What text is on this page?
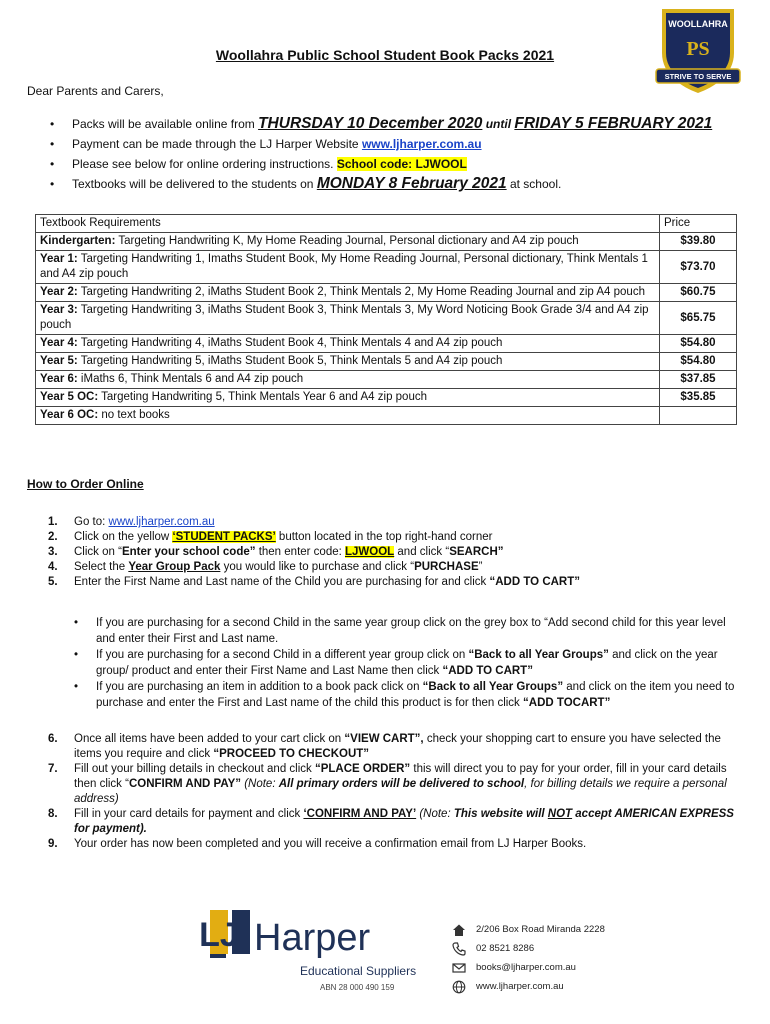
WOOLLAHRA
PS
STRIVE TO SERVE
Woollahra Public School Student Book Packs 2021
Dear Parents and Carers,
• Packs will be available online from THURSDAY 10 December 2020 until FRIDAY 5 FEBRUARY 2021
• Payment can be made through the LJ Harper Website www.ljharper.com.au
• Please see below for online ordering instructions. School code: LJWOOL
• Textbooks will be delivered to the students on MONDAY 8 February 2021 at school.
Textbook Requirements	Price
Kindergarten: Targeting Handwriting K, My Home Reading Journal, Personal dictionary and A4 zip pouch	$39.80
Year 1: Targeting Handwriting 1, Imaths Student Book, My Home Reading Journal, Personal dictionary, Think Mentals 1 and A4 zip pouch	$73.70
Year 2: Targeting Handwriting 2, iMaths Student Book 2, Think Mentals 2, My Home Reading Journal and zip A4 pouch	$60.75
Year 3: Targeting Handwriting 3, iMaths Student Book 3, Think Mentals 3, My Word Noticing Book Grade 3/4 and A4 zip pouch	$65.75
Year 4: Targeting Handwriting 4, iMaths Student Book 4, Think Mentals 4 and A4 zip pouch	$54.80
Year 5: Targeting Handwriting 5, iMaths Student Book 5, Think Mentals 5 and A4 zip pouch	$54.80
Year 6: iMaths 6, Think Mentals 6 and A4 zip pouch	$37.85
Year 5 OC: Targeting Handwriting 5, Think Mentals Year 6 and A4 zip pouch	$35.85
Year 6 OC: no text books	
How to Order Online
1. Go to: www.ljharper.com.au
2. Click on the yellow ‘STUDENT PACKS’ button located in the top right-hand corner
3. Click on “Enter your school code” then enter code: LJWOOL and click “SEARCH”
4. Select the Year Group Pack you would like to purchase and click “PURCHASE”
5. Enter the First Name and Last name of the Child you are purchasing for and click “ADD TO CART”
• If you are purchasing for a second Child in the same year group click on the grey box to “Add second child for this year level and enter their First and Last name.
• If you are purchasing for a second Child in a different year group click on “Back to all Year Groups” and click on the year group/ product and enter their First Name and Last Name then click “ADD TO CART”
• If you are purchasing an item in addition to a book pack click on “Back to all Year Groups” and click on the item you need to purchase and enter the First and Last name of the child this product is for then click “ADD TOCART”
6. Once all items have been added to your cart click on “VIEW CART”, check your shopping cart to ensure you have selected the items you require and click “PROCEED TO CHECKOUT”
7. Fill out your billing details in checkout and click “PLACE ORDER” this will direct you to pay for your order, fill in your card details then click “CONFIRM AND PAY” (Note: All primary orders will be delivered to school, for billing details we require a personal address)
8. Fill in your card details for payment and click ‘CONFIRM AND PAY’ (Note: This website will NOT accept AMERICAN EXPRESS for payment).
9. Your order has now been completed and you will receive a confirmation email from LJ Harper Books.
LJ Harper
Educational Suppliers
ABN 28 000 490 159
2/206 Box Road Miranda 2228
02 8521 8286
books@ljharper.com.au
www.ljharper.com.au
